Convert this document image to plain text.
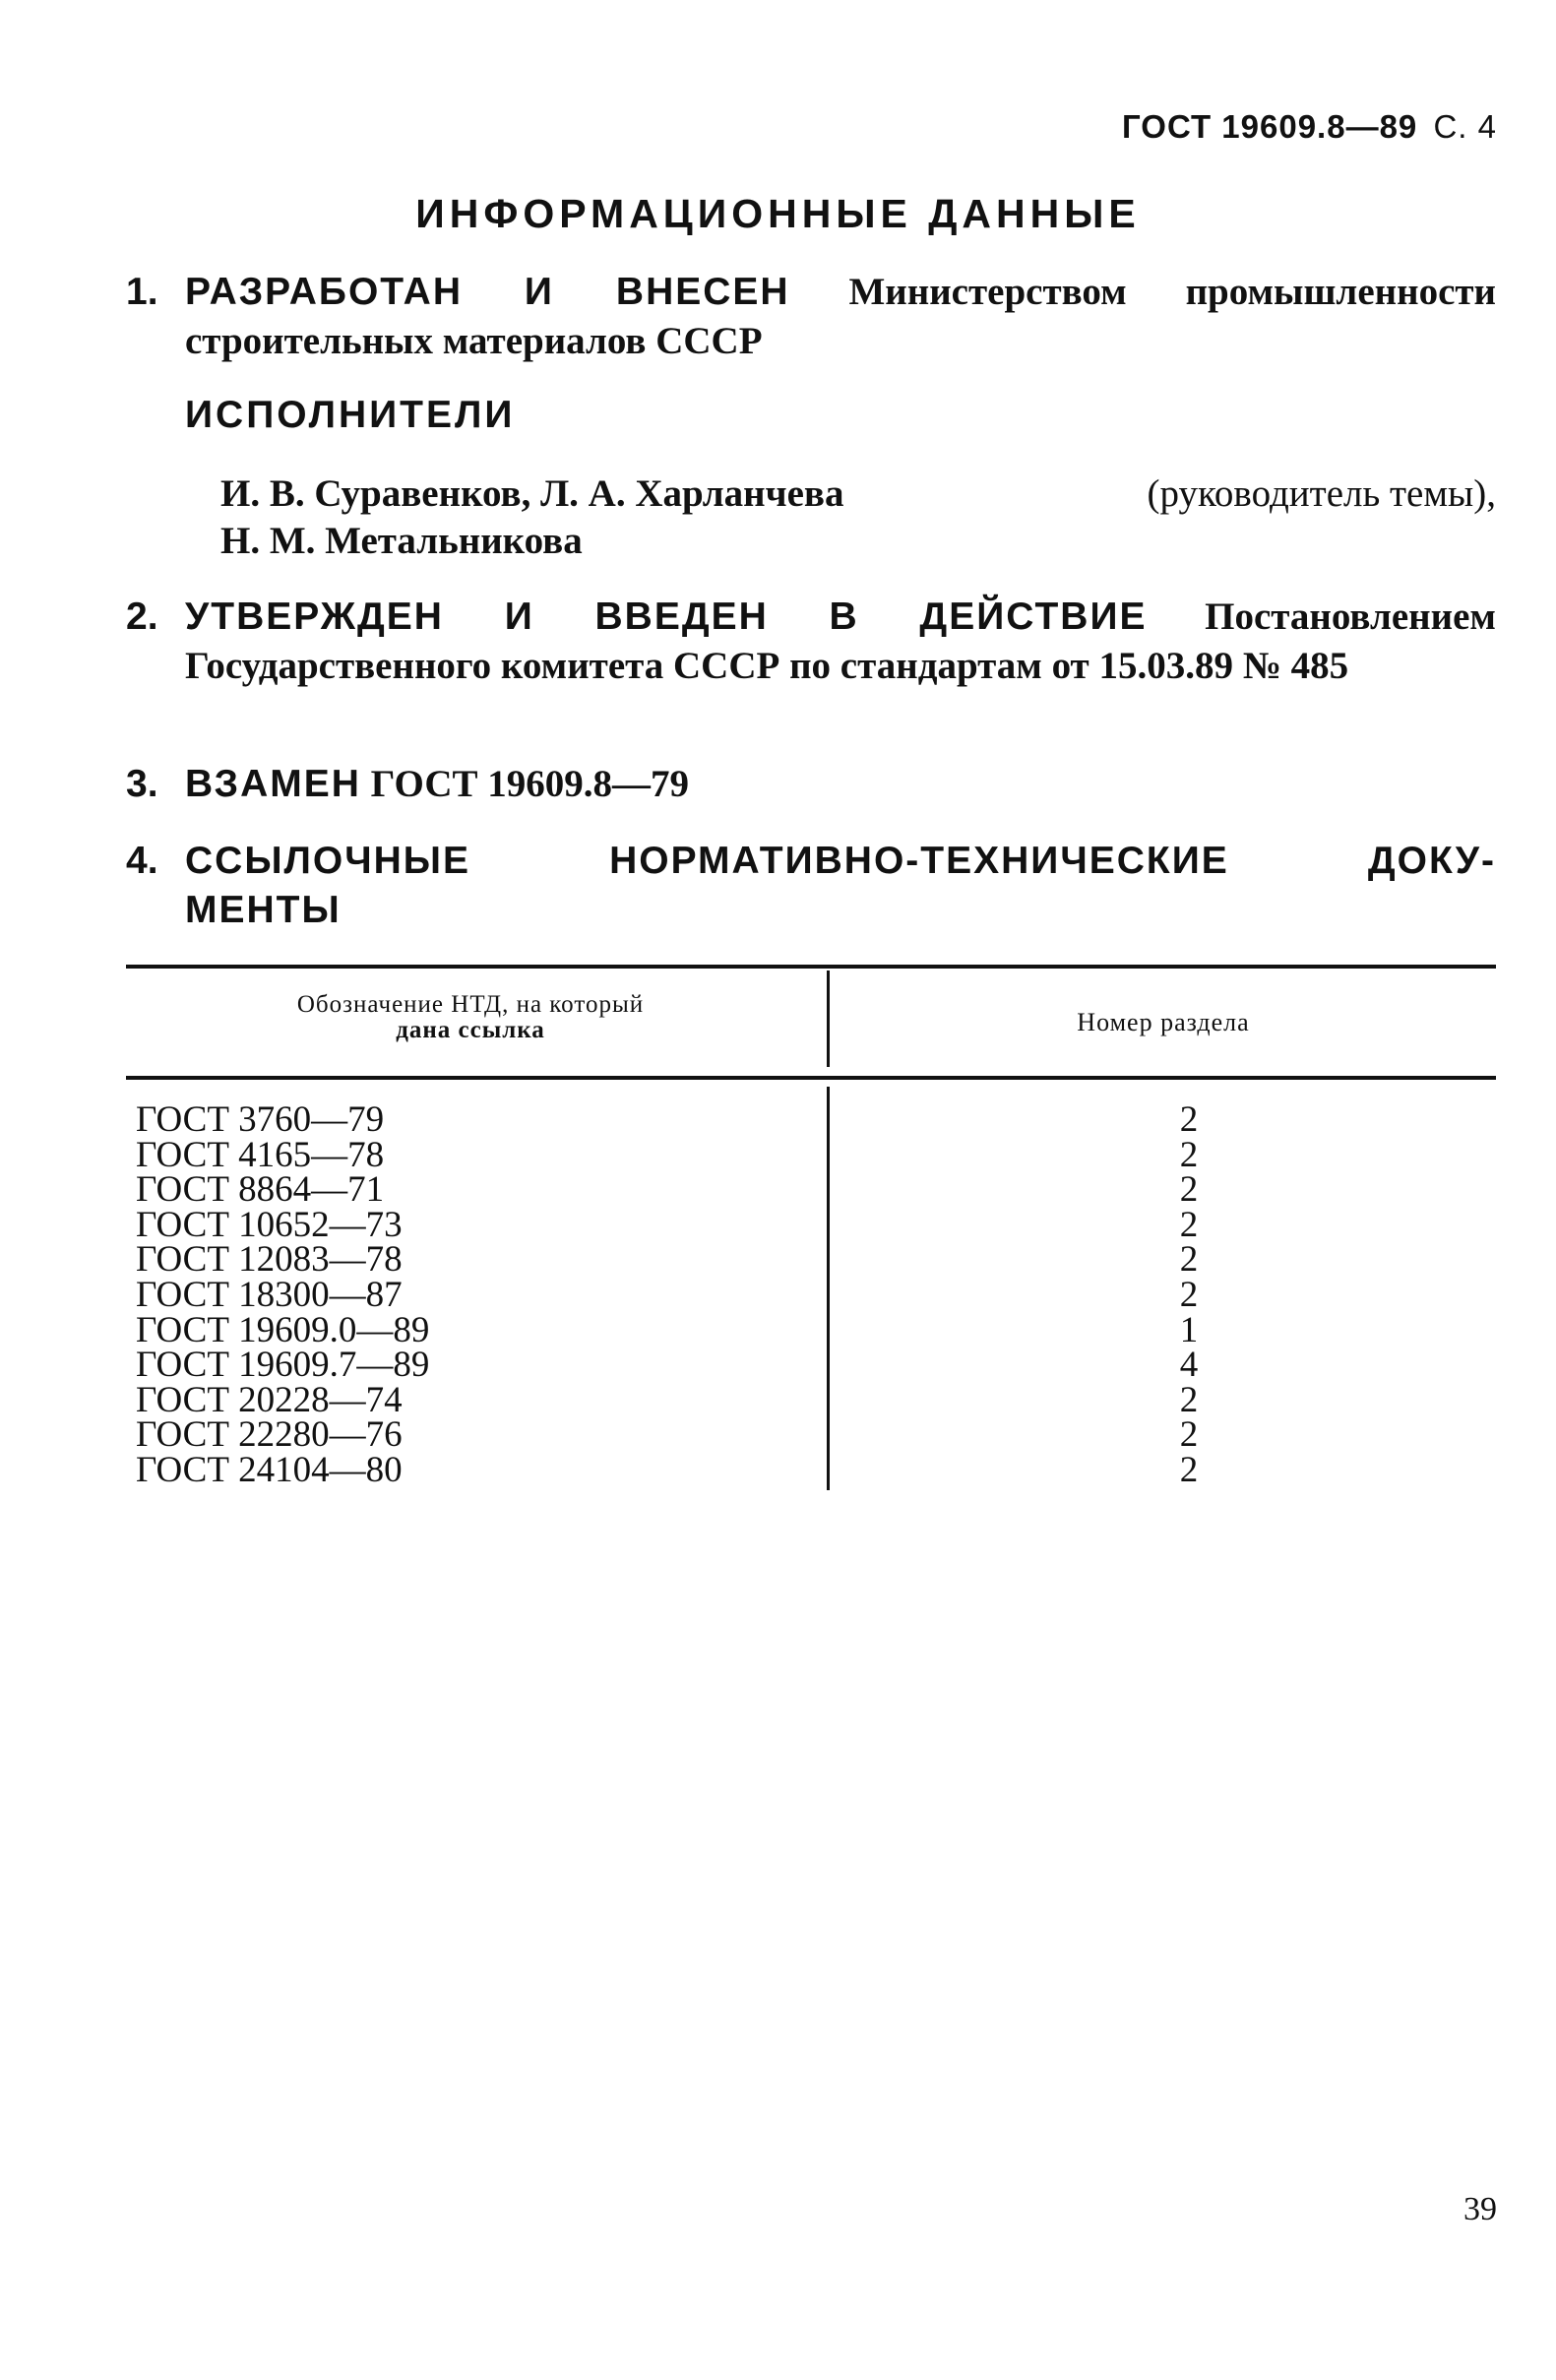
ГОСТ 19609.8—89 С. 4
ИНФОРМАЦИОННЫЕ ДАННЫЕ
1. РАЗРАБОТАН И ВНЕСЕН Министерством промышленности строительных материалов СССР
ИСПОЛНИТЕЛИ
И. В. Суравенков, Л. А. Харланчева	(руководитель темы),
Н. М. Метальникова
2. УТВЕРЖДЕН И ВВЕДЕН В ДЕЙСТВИЕ Постановлением Государственного комитета СССР по стандартам от 15.03.89 № 485
3. ВЗАМЕН ГОСТ 19609.8—79
4. ССЫЛОЧНЫЕ	НОРМАТИВНО-ТЕХНИЧЕСКИЕ	ДОКУ-
МЕНТЫ
Обозначение НТД, на который
дана ссылка	Номер раздела
ГОСТ 3760—79	2
ГОСТ 4165—78	2
ГОСТ 8864—71	2
ГОСТ 10652—73	2
ГОСТ 12083—78	2
ГОСТ 18300—87	2
ГОСТ 19609.0—89	1
ГОСТ 19609.7—89	4
ГОСТ 20228—74	2
ГОСТ 22280—76	2
ГОСТ 24104—80	2
39
